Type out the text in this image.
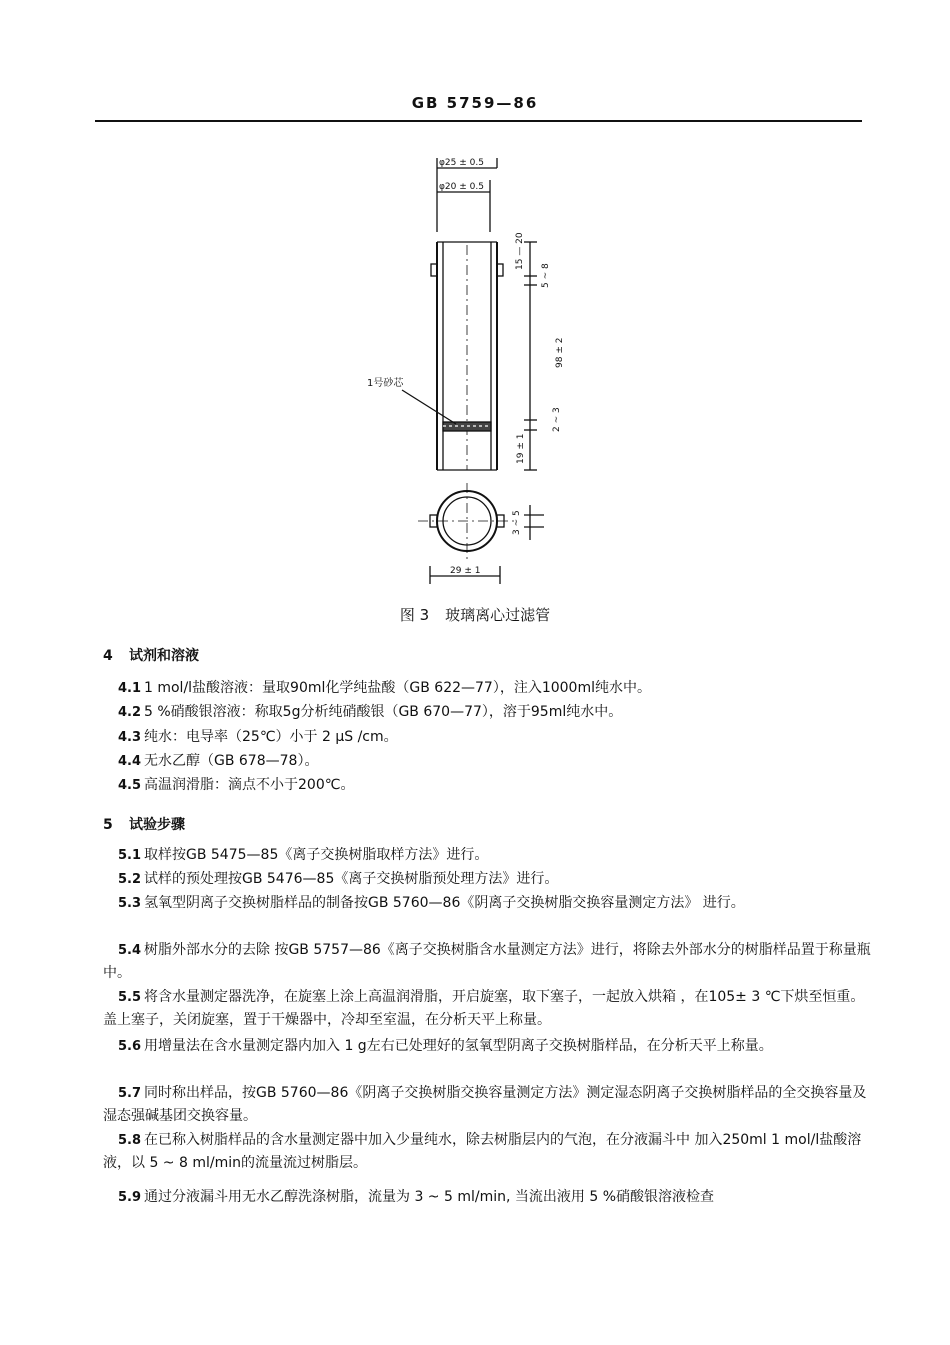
GB 5759—86
φ25 ± 0.5
φ20 ± 0.5
1号砂芯
15 — 20
5 ~ 8
98 ± 2
2 ~ 3
19 ± 1
3 ~ 5
29 ± 1
图 3 玻璃离心过滤管
4 试剂和溶液
4.1 1 mol/l盐酸溶液：量取90ml化学纯盐酸（GB 622—77），注入1000ml纯水中。
4.2 5 %硝酸银溶液：称取5g分析纯硝酸银（GB 670—77），溶于95ml纯水中。
4.3 纯水：电导率（25℃）小于 2 μS /cm。
4.4 无水乙醇（GB 678—78）。
4.5 高温润滑脂：滴点不小于200℃。
5 试验步骤
5.1 取样按GB 5475—85《离子交换树脂取样方法》进行。
5.2 试样的预处理按GB 5476—85《离子交换树脂预处理方法》进行。
5.3 氢氧型阴离子交换树脂样品的制备按GB 5760—86《阴离子交换树脂交换容量测定方法》 进行。
5.4 树脂外部水分的去除 按GB 5757—86《离子交换树脂含水量测定方法》进行，将除去外部水分的树脂样品置于称量瓶中。
5.5 将含水量测定器洗净，在旋塞上涂上高温润滑脂，开启旋塞，取下塞子，一起放入烘箱 ，在105± 3 ℃下烘至恒重。盖上塞子，关闭旋塞，置于干燥器中，冷却至室温，在分析天平上称量。
5.6 用增量法在含水量测定器内加入 1 g左右已处理好的氢氧型阴离子交换树脂样品，在分析天平上称量。
5.7 同时称出样品，按GB 5760—86《阴离子交换树脂交换容量测定方法》测定湿态阴离子交换树脂样品的全交换容量及湿态强碱基团交换容量。
5.8 在已称入树脂样品的含水量测定器中加入少量纯水，除去树脂层内的气泡，在分液漏斗中 加入250ml 1 mol/l盐酸溶液，以 5 ~ 8 ml/min的流量流过树脂层。
5.9 通过分液漏斗用无水乙醇洗涤树脂，流量为 3 ~ 5 ml/min, 当流出液用 5 %硝酸银溶液检查
